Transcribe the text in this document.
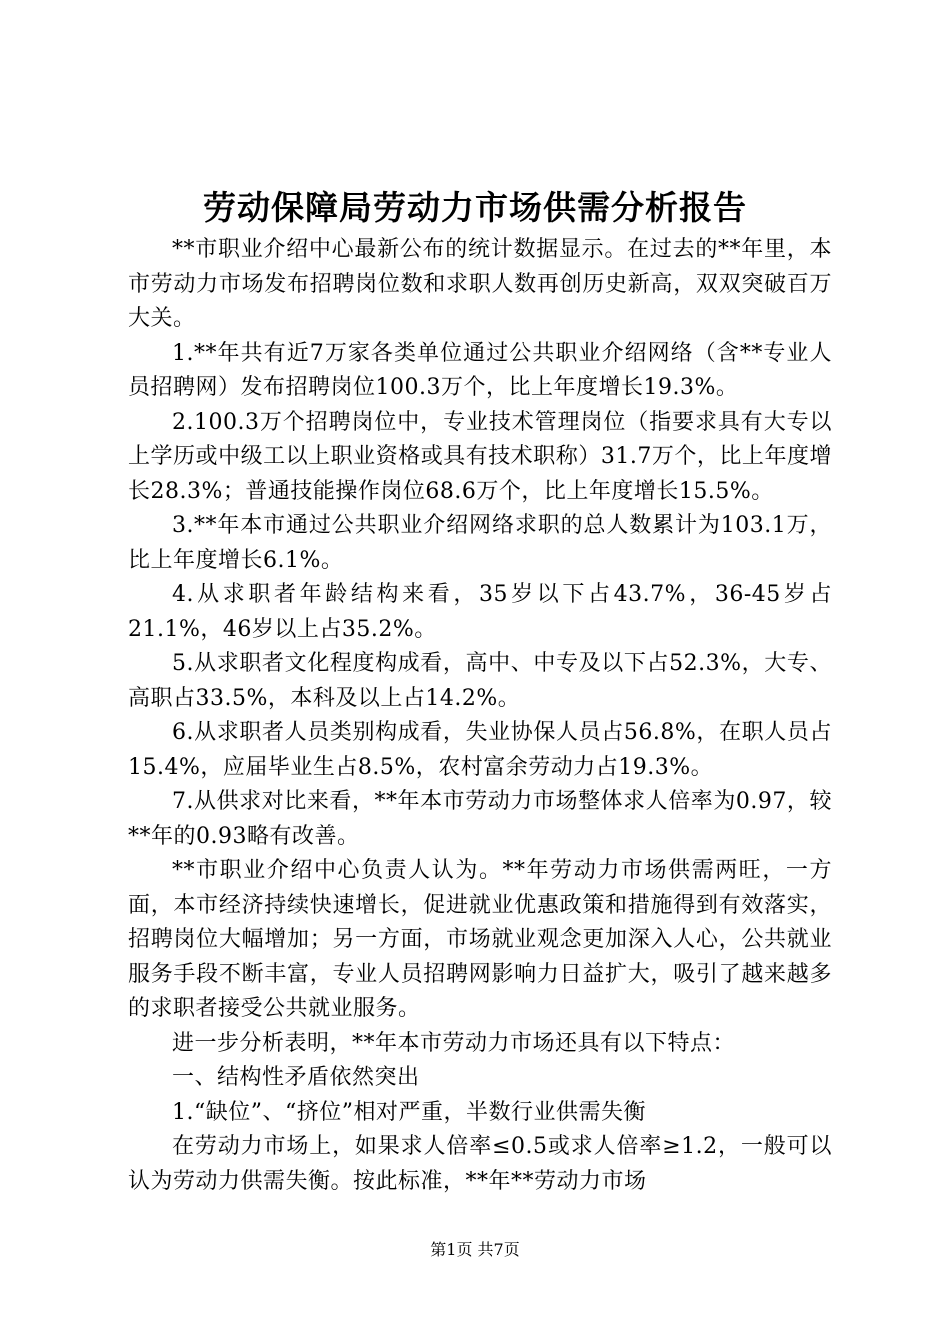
劳动保障局劳动力市场供需分析报告

**市职业介绍中心最新公布的统计数据显示。在过去的**年里，本市劳动力市场发布招聘岗位数和求职人数再创历史新高，双双突破百万大关。

1.**年共有近7万家各类单位通过公共职业介绍网络（含**专业人员招聘网）发布招聘岗位100.3万个，比上年度增长19.3%。

2.100.3万个招聘岗位中，专业技术管理岗位（指要求具有大专以上学历或中级工以上职业资格或具有技术职称）31.7万个，比上年度增长28.3%；普通技能操作岗位68.6万个，比上年度增长15.5%。

3.**年本市通过公共职业介绍网络求职的总人数累计为103.1万，比上年度增长6.1%。

4.从求职者年龄结构来看，35岁以下占43.7%，36-45岁占21.1%，46岁以上占35.2%。

5.从求职者文化程度构成看，高中、中专及以下占52.3%，大专、高职占33.5%，本科及以上占14.2%。

6.从求职者人员类别构成看，失业协保人员占56.8%，在职人员占15.4%，应届毕业生占8.5%，农村富余劳动力占19.3%。

7.从供求对比来看，**年本市劳动力市场整体求人倍率为0.97，较**年的0.93略有改善。

**市职业介绍中心负责人认为。**年劳动力市场供需两旺，一方面，本市经济持续快速增长，促进就业优惠政策和措施得到有效落实，招聘岗位大幅增加；另一方面，市场就业观念更加深入人心，公共就业服务手段不断丰富，专业人员招聘网影响力日益扩大，吸引了越来越多的求职者接受公共就业服务。

进一步分析表明，**年本市劳动力市场还具有以下特点：

一、结构性矛盾依然突出

1.“缺位”、“挤位”相对严重，半数行业供需失衡

在劳动力市场上，如果求人倍率≤0.5或求人倍率≥1.2，一般可以认为劳动力供需失衡。按此标准，**年**劳动力市场

第1页 共7页
